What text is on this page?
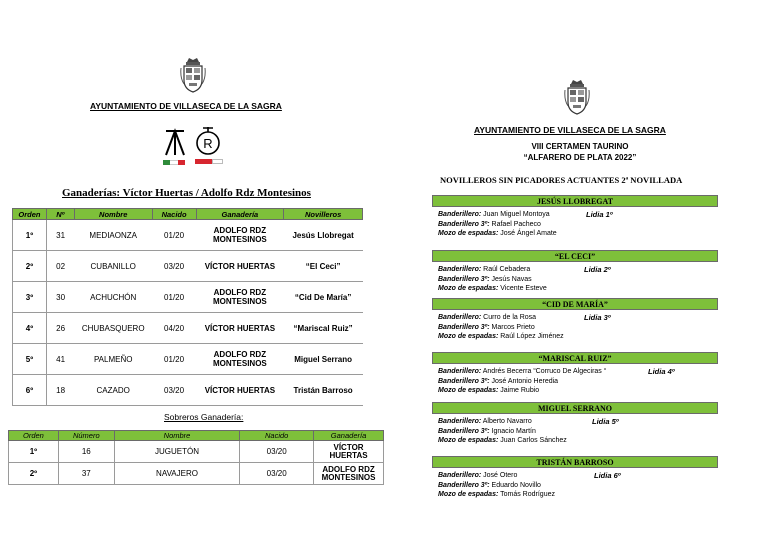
AYUNTAMIENTO DE VILLASECA DE LA SAGRA
R
Ganaderías: Víctor Huertas / Adolfo Rdz Montesinos
Orden	Nº	Nombre	Nacido	Ganadería	Novilleros
1º	31	MEDIAONZA	01/20	ADOLFO RDZ
MONTESINOS	Jesús Llobregat
2º	02	CUBANILLO	03/20	VÍCTOR HUERTAS	“El Ceci”
3º	30	ACHUCHÓN	01/20	ADOLFO RDZ
MONTESINOS	“Cid De María”
4º	26	CHUBASQUERO	04/20	VÍCTOR HUERTAS	“Mariscal Ruiz”
5º	41	PALMEÑO	01/20	ADOLFO RDZ
MONTESINOS	Miguel Serrano
6º	18	CAZADO	03/20	VÍCTOR HUERTAS	Tristán Barroso
Sobreros Ganadería:
Orden	Número	Nombre	Nacido	Ganadería
1º	16	JUGUETÓN	03/20	VÍCTOR
HUERTAS

2º	37	NAVAJERO	03/20	ADOLFO RDZ
MONTESINOS
AYUNTAMIENTO DE VILLASECA DE LA SAGRA
VIII CERTAMEN TAURINO
“ALFARERO DE PLATA 2022”
NOVILLEROS SIN PICADORES ACTUANTES 2ª NOVILLADA
JESÚS LLOBREGAT
Banderillero: Juan Miguel Montoya
Banderillero 3º: Rafael Pacheco
Mozo de espadas: José Ángel Amate
Lidia 1º
“EL CECI”
Banderillero: Raúl Cebadera
Banderillero 3º: Jesús Navas
Mozo de espadas: Vicente Esteve
Lidia 2º
“CID DE MARÍA”
Banderillero: Curro de la Rosa
Banderillero 3º: Marcos Prieto
Mozo de espadas: Raúl López Jiménez
Lidia 3º
“MARISCAL RUIZ”
Banderillero: Andrés Becerra “Corruco De Algeciras “
Banderillero 3º: José Antonio Heredia
Mozo de espadas: Jaime Rubio
Lidia 4º
MIGUEL SERRANO
Banderillero: Alberto Navarro
Banderillero 3º: Ignacio Martín
Mozo de espadas: Juan Carlos Sánchez
Lidia 5º
TRISTÁN BARROSO
Banderillero: José Otero
Banderillero 3º: Eduardo Novillo
Mozo de espadas: Tomás Rodríguez
Lidia 6º
